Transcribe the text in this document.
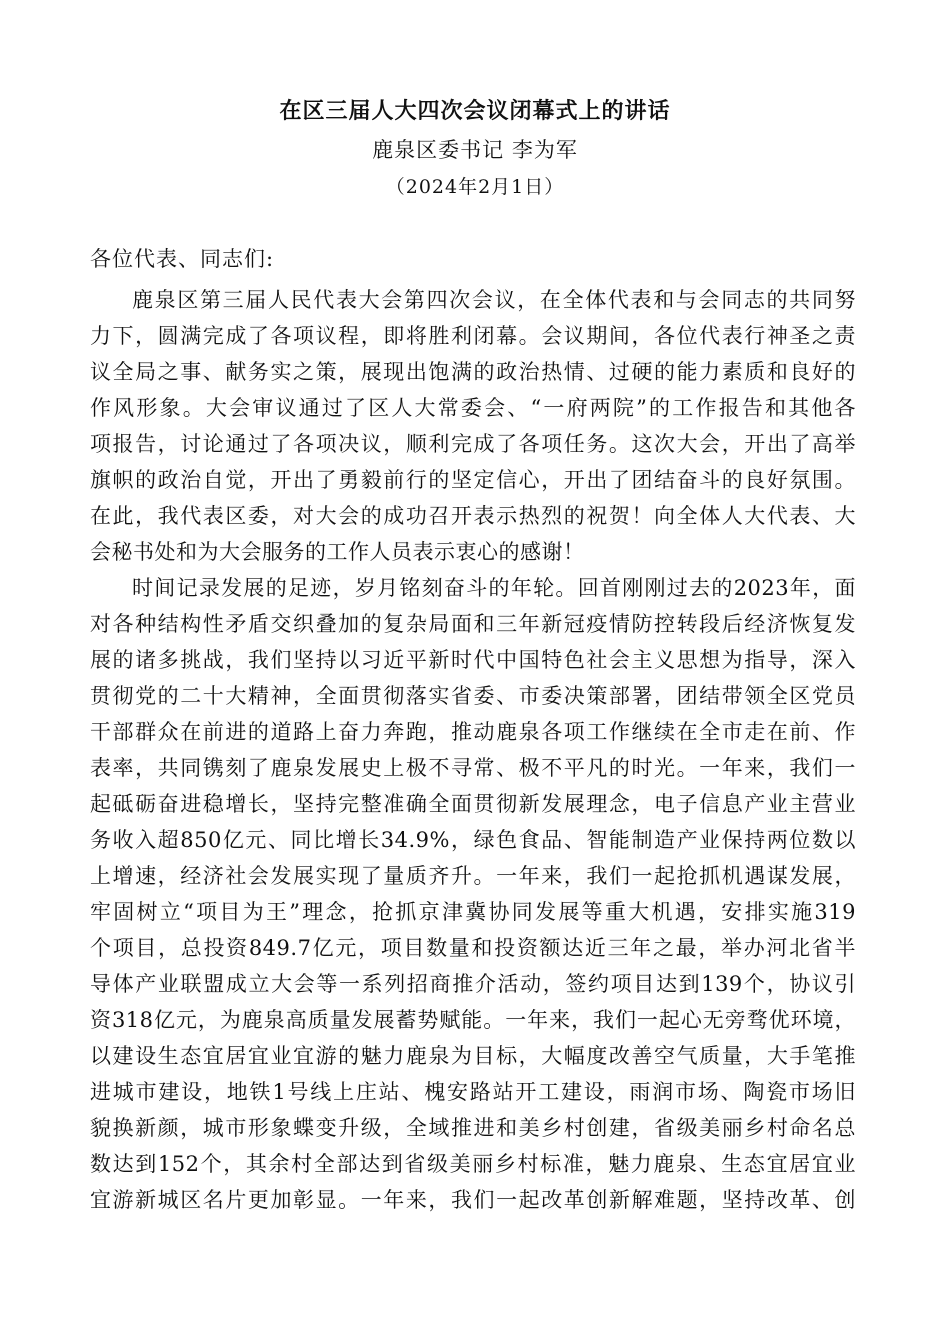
在区三届人大四次会议闭幕式上的讲话
鹿泉区委书记 李为军
（2024年2月1日）
各位代表、同志们:
鹿泉区第三届人民代表大会第四次会议，在全体代表和与会同志的共同努
力下，圆满完成了各项议程，即将胜利闭幕。会议期间，各位代表行神圣之责
议全局之事、献务实之策，展现出饱满的政治热情、过硬的能力素质和良好的
作风形象。大会审议通过了区人大常委会、“一府两院”的工作报告和其他各
项报告，讨论通过了各项决议，顺利完成了各项任务。这次大会，开出了高举
旗帜的政治自觉，开出了勇毅前行的坚定信心，开出了团结奋斗的良好氛围。
在此，我代表区委，对大会的成功召开表示热烈的祝贺！向全体人大代表、大
会秘书处和为大会服务的工作人员表示衷心的感谢！
时间记录发展的足迹，岁月铭刻奋斗的年轮。回首刚刚过去的2023年，面
对各种结构性矛盾交织叠加的复杂局面和三年新冠疫情防控转段后经济恢复发
展的诸多挑战，我们坚持以习近平新时代中国特色社会主义思想为指导，深入
贯彻党的二十大精神，全面贯彻落实省委、市委决策部署，团结带领全区党员
干部群众在前进的道路上奋力奔跑，推动鹿泉各项工作继续在全市走在前、作
表率，共同镌刻了鹿泉发展史上极不寻常、极不平凡的时光。一年来，我们一
起砥砺奋进稳增长，坚持完整准确全面贯彻新发展理念，电子信息产业主营业
务收入超850亿元、同比增长34.9%，绿色食品、智能制造产业保持两位数以
上增速，经济社会发展实现了量质齐升。一年来，我们一起抢抓机遇谋发展，
牢固树立“项目为王”理念，抢抓京津冀协同发展等重大机遇，安排实施319
个项目，总投资849.7亿元，项目数量和投资额达近三年之最，举办河北省半
导体产业联盟成立大会等一系列招商推介活动，签约项目达到139个，协议引
资318亿元，为鹿泉高质量发展蓄势赋能。一年来，我们一起心无旁骛优环境，
以建设生态宜居宜业宜游的魅力鹿泉为目标，大幅度改善空气质量，大手笔推
进城市建设，地铁1号线上庄站、槐安路站开工建设，雨润市场、陶瓷市场旧
貌换新颜，城市形象蝶变升级，全域推进和美乡村创建，省级美丽乡村命名总
数达到152个，其余村全部达到省级美丽乡村标准，魅力鹿泉、生态宜居宜业
宜游新城区名片更加彰显。一年来，我们一起改革创新解难题，坚持改革、创
